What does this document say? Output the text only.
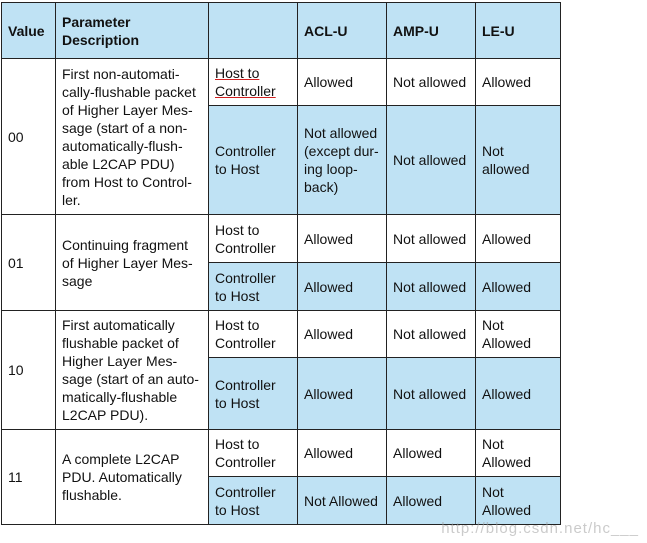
Value	Parameter Description		ACL-U	AMP-U	LE-U
00	First non-automati-cally-flushable packet of Higher Layer Mes-sage (start of a non-automatically-flush-able L2CAP PDU) from Host to Control-ler.	Host to Controller	Allowed	Not allowed	Allowed
		Controller to Host	Not allowed (except dur-ing loop-back)	Not allowed	Not allowed
01	Continuing fragment of Higher Layer Mes-sage	Host to Controller	Allowed	Not allowed	Allowed
		Controller to Host	Allowed	Not allowed	Allowed
10	First automatically flushable packet of Higher Layer Mes-sage (start of an auto-matically-flushable L2CAP PDU).	Host to Controller	Allowed	Not allowed	Not Allowed
		Controller to Host	Allowed	Not allowed	Allowed
11	A complete L2CAP PDU. Automatically flushable.	Host to Controller	Allowed	Allowed	Not Allowed
		Controller to Host	Not Allowed	Allowed	Not Allowed
http://blog.csdn.net/hc___
